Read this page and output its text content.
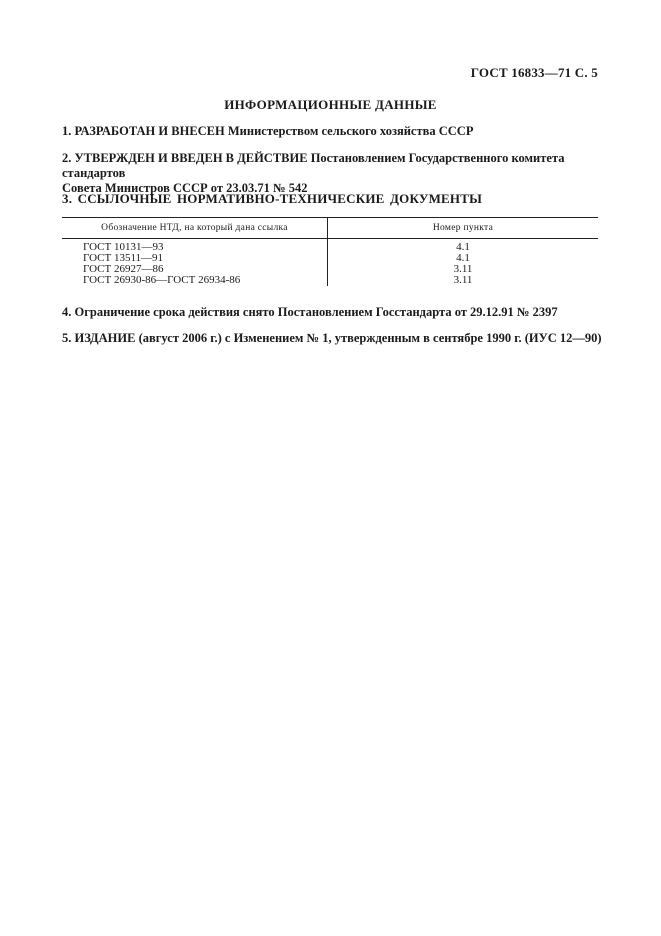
ГОСТ 16833—71 С. 5
ИНФОРМАЦИОННЫЕ ДАННЫЕ
1. РАЗРАБОТАН И ВНЕСЕН Министерством сельского хозяйства СССР
2. УТВЕРЖДЕН И ВВЕДЕН В ДЕЙСТВИЕ Постановлением Государственного комитета стандартов
Совета Министров СССР от 23.03.71 № 542
3. ССЫЛОЧНЫЕ НОРМАТИВНО-ТЕХНИЧЕСКИЕ ДОКУМЕНТЫ
Обозначение НТД, на который дана ссылка	Номер пункта
ГОСТ 10131—93	4.1
ГОСТ 13511—91	4.1
ГОСТ 26927—86	3.11
ГОСТ 26930-86—ГОСТ 26934-86	3.11
4. Ограничение срока действия снято Постановлением Госстандарта от 29.12.91 № 2397
5. ИЗДАНИЕ (август 2006 г.) с Изменением № 1, утвержденным в сентябре 1990 г. (ИУС 12—90)
